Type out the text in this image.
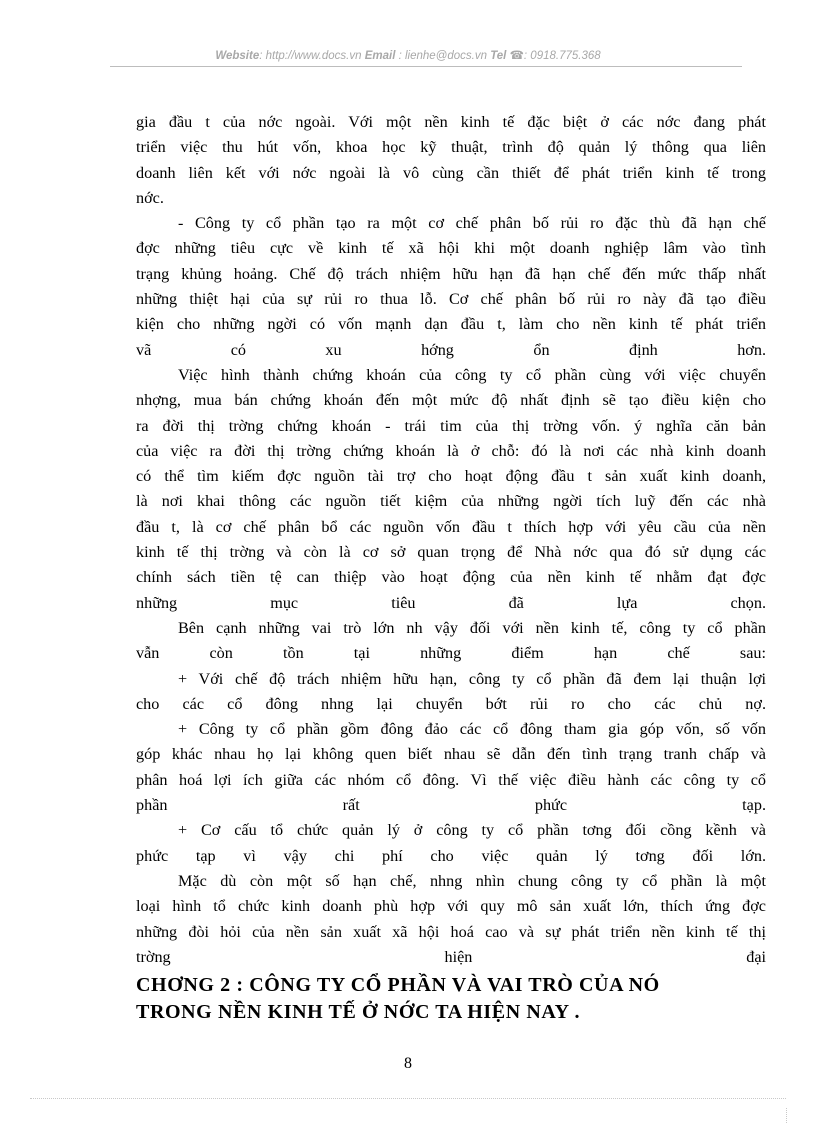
Website: http://www.docs.vn Email : lienhe@docs.vn Tel ☎: 0918.775.368
gia đầu t của nớc ngoài. Với một nền kinh tế đặc biệt ở các nớc đang phát
triển việc thu hút vốn, khoa học kỹ thuật, trình độ quản lý thông qua liên
doanh liên kết với nớc ngoài là vô cùng cần thiết để phát triển kinh tế trong
nớc.
- Công ty cổ phần tạo ra một cơ chế phân bố rủi ro đặc thù đã hạn chế
đợc những tiêu cực về kinh tế xã hội khi một doanh nghiệp lâm vào tình
trạng khủng hoảng. Chế độ trách nhiệm hữu hạn đã hạn chế đến mức thấp nhất
những thiệt hại của sự rủi ro thua lỗ. Cơ chế phân bố rủi ro này đã tạo điều
kiện cho những ngời có vốn mạnh dạn đầu t, làm cho nền kinh tế phát triển
vã có xu hớng ổn định hơn.
Việc hình thành chứng khoán của công ty cổ phần cùng với việc chuyển
nhợng, mua bán chứng khoán đến một mức độ nhất định sẽ tạo điều kiện cho
ra đời thị trờng chứng khoán - trái tim của thị trờng vốn. ý nghĩa căn bản
của việc ra đời thị trờng chứng khoán là ở chỗ: đó là nơi các nhà kinh doanh
có thể tìm kiếm đợc nguồn tài trợ cho hoạt động đầu t sản xuất kinh doanh,
là nơi khai thông các nguồn tiết kiệm của những ngời tích luỹ đến các nhà
đầu t, là cơ chế phân bổ các nguồn vốn đầu t thích hợp với yêu cầu của nền
kinh tế thị trờng và còn là cơ sở quan trọng để Nhà nớc qua đó sử dụng các
chính sách tiền tệ can thiệp vào hoạt động của nền kinh tế nhằm đạt đợc
những mục tiêu đã lựa chọn.
Bên cạnh những vai trò lớn nh vậy đối với nền kinh tế, công ty cổ phần
vẫn còn tồn tại những điểm hạn chế sau:
+ Với chế độ trách nhiệm hữu hạn, công ty cổ phần đã đem lại thuận lợi
cho các cổ đông nhng lại chuyển bớt rủi ro cho các chủ nợ.
+ Công ty cổ phần gồm đông đảo các cổ đông tham gia góp vốn, số vốn
góp khác nhau họ lại không quen biết nhau sẽ dẫn đến tình trạng tranh chấp và
phân hoá lợi ích giữa các nhóm cổ đông. Vì thế việc điều hành các công ty cổ
phần rất phức tạp.
+ Cơ cấu tổ chức quản lý ở công ty cổ phần tơng đối cồng kềnh và
phức tạp vì vậy chi phí cho việc quản lý tơng đối lớn.
Mặc dù còn một số hạn chế, nhng nhìn chung công ty cổ phần là một
loại hình tổ chức kinh doanh phù hợp với quy mô sản xuất lớn, thích ứng đợc
những đòi hỏi của nền sản xuất xã hội hoá cao và sự phát triển nền kinh tế thị
trờng hiện đại
CHƠNG 2 : CÔNG TY CỔ PHẦN VÀ VAI TRÒ CỦA NÓ
TRONG NỀN KINH TẾ Ở NỚC TA HIỆN NAY .
8
